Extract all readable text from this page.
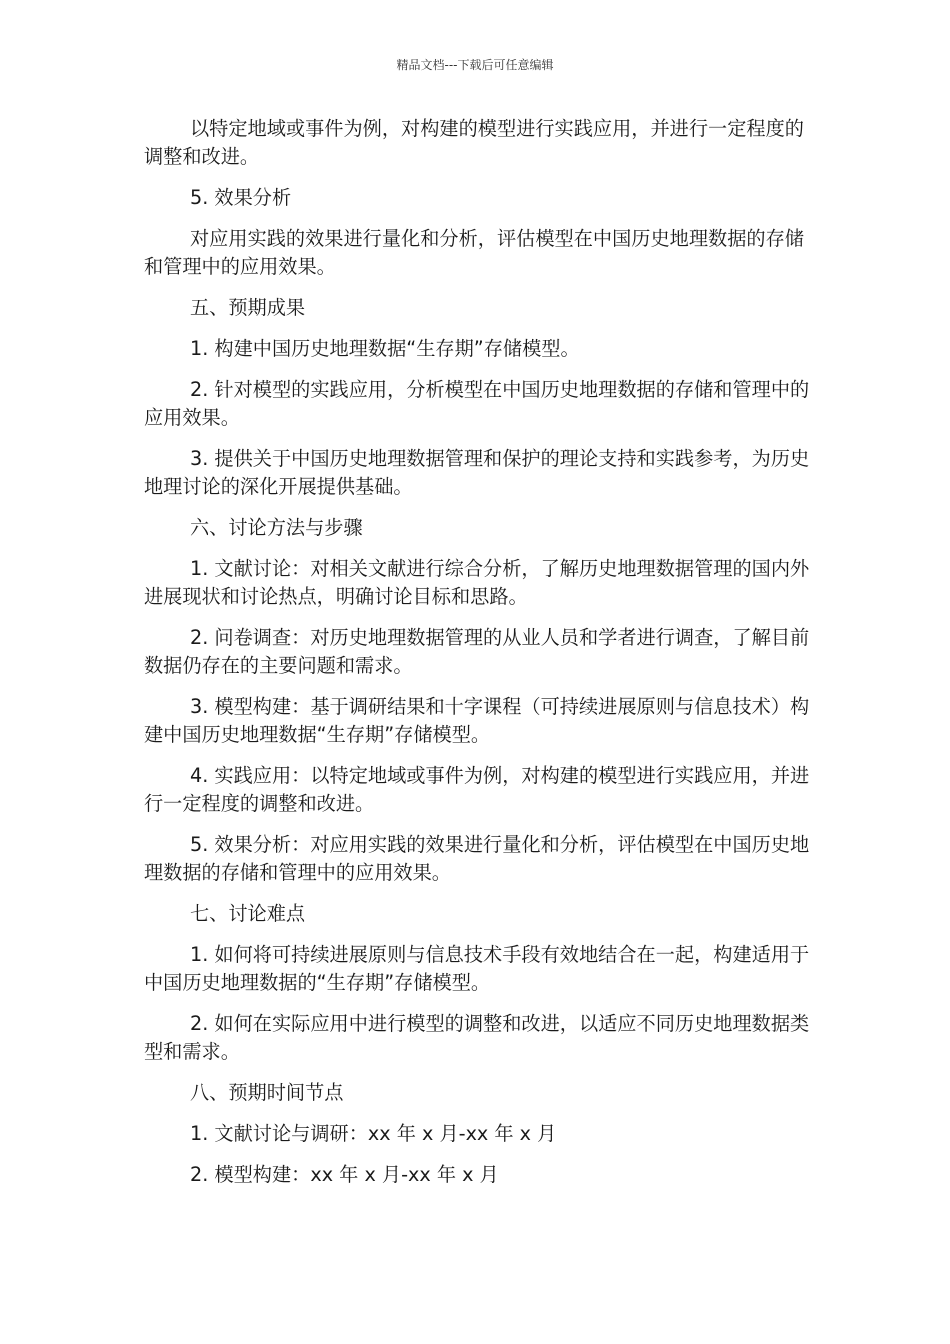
精品文档---下载后可任意编辑

以特定地域或事件为例，对构建的模型进行实践应用，并进行一定程度的调整和改进。

5. 效果分析

对应用实践的效果进行量化和分析，评估模型在中国历史地理数据的存储和管理中的应用效果。

五、预期成果

1. 构建中国历史地理数据“生存期”存储模型。

2. 针对模型的实践应用，分析模型在中国历史地理数据的存储和管理中的应用效果。

3. 提供关于中国历史地理数据管理和保护的理论支持和实践参考，为历史地理讨论的深化开展提供基础。

六、讨论方法与步骤

1. 文献讨论：对相关文献进行综合分析，了解历史地理数据管理的国内外进展现状和讨论热点，明确讨论目标和思路。

2. 问卷调查：对历史地理数据管理的从业人员和学者进行调查，了解目前数据仍存在的主要问题和需求。

3. 模型构建：基于调研结果和十字课程（可持续进展原则与信息技术）构建中国历史地理数据“生存期”存储模型。

4. 实践应用：以特定地域或事件为例，对构建的模型进行实践应用，并进行一定程度的调整和改进。

5. 效果分析：对应用实践的效果进行量化和分析，评估模型在中国历史地理数据的存储和管理中的应用效果。

七、讨论难点

1. 如何将可持续进展原则与信息技术手段有效地结合在一起，构建适用于中国历史地理数据的“生存期”存储模型。

2. 如何在实际应用中进行模型的调整和改进，以适应不同历史地理数据类型和需求。

八、预期时间节点

1. 文献讨论与调研：xx 年 x 月-xx 年 x 月

2. 模型构建：xx 年 x 月-xx 年 x 月
